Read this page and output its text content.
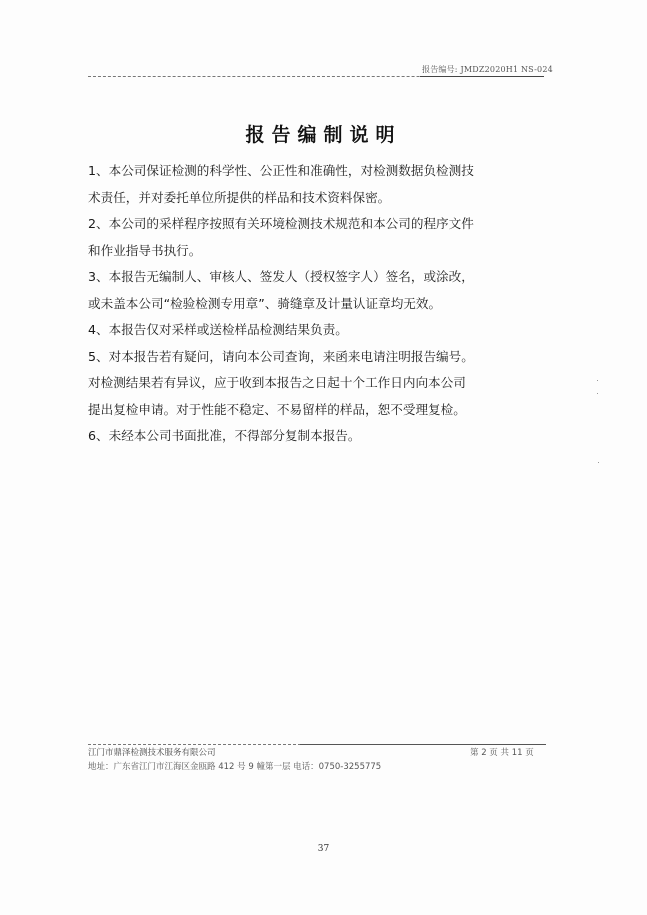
报告编号: JMDZ2020H1 NS-024
报告编制说明

1、本公司保证检测的科学性、公正性和准确性，对检测数据负检测技
术责任，并对委托单位所提供的样品和技术资料保密。

2、本公司的采样程序按照有关环境检测技术规范和本公司的程序文件
和作业指导书执行。

3、本报告无编制人、审核人、签发人（授权签字人）签名，或涂改，
或未盖本公司“检验检测专用章”、骑缝章及计量认证章均无效。

4、本报告仅对采样或送检样品检测结果负责。

5、对本报告若有疑问，请向本公司查询，来函来电请注明报告编号。
对检测结果若有异议，应于收到本报告之日起十个工作日内向本公司
提出复检申请。对于性能不稳定、不易留样的样品，恕不受理复检。

6、未经本公司书面批准，不得部分复制本报告。

江门市鼎泽检测技术服务有限公司	第 2 页 共 11 页
地址：广东省江门市江海区金瓯路 412 号 9 幢第一层 电话：0750-3255775
37
